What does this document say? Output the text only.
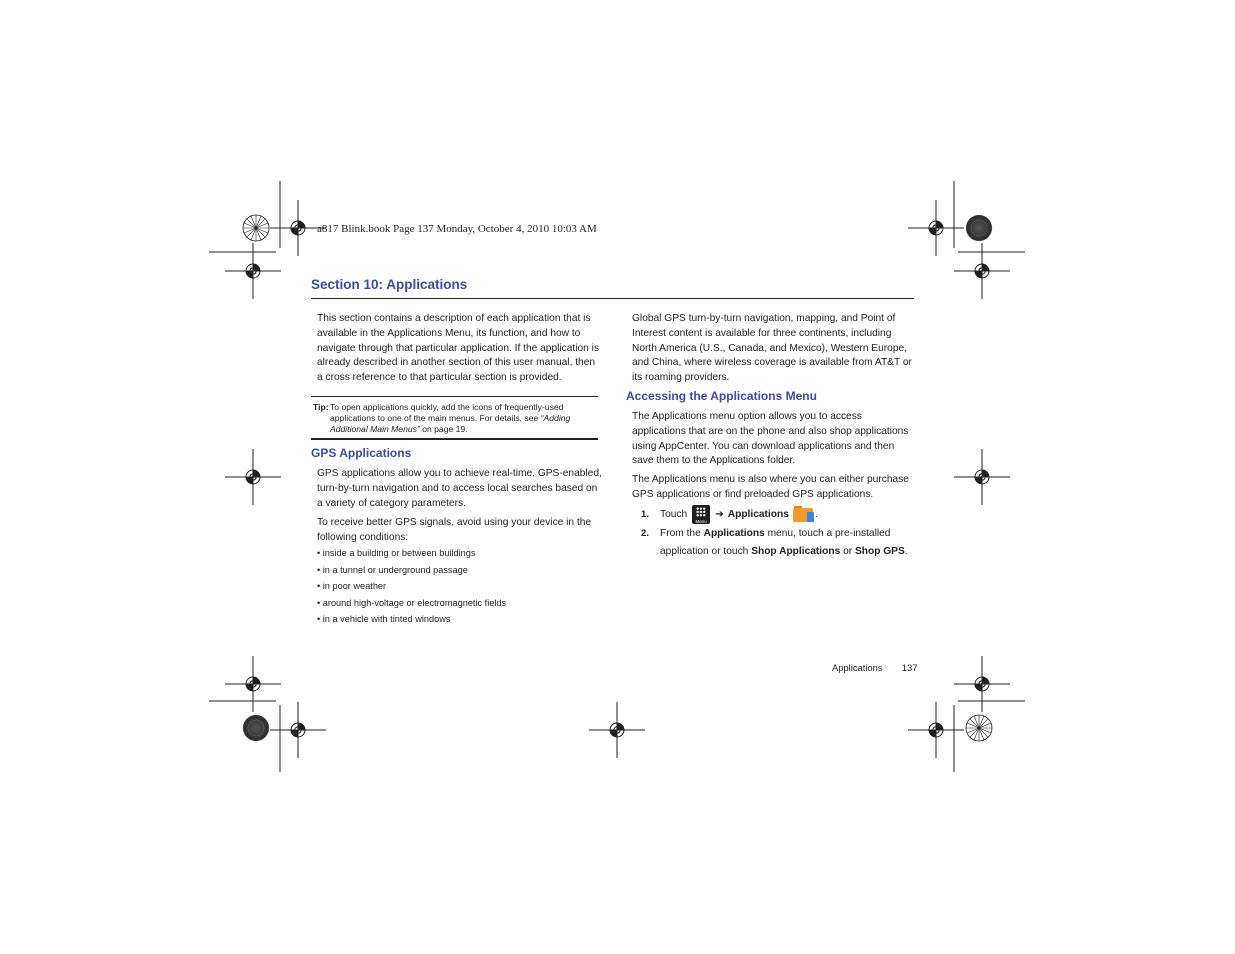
a817 Blink.book Page 137 Monday, October 4, 2010 10:03 AM
Section 10: Applications
This section contains a description of each application that is available in the Applications Menu, its function, and how to navigate through that particular application. If the application is already described in another section of this user manual, then a cross reference to that particular section is provided.
Tip: To open applications quickly, add the icons of frequently-used applications to one of the main menus. For details, see “Adding Additional Main Menus” on page 19.
GPS Applications
GPS applications allow you to achieve real-time, GPS-enabled, turn-by-turn navigation and to access local searches based on a variety of category parameters.
To receive better GPS signals, avoid using your device in the following conditions:
• inside a building or between buildings
• in a tunnel or underground passage
• in poor weather
• around high-voltage or electromagnetic fields
• in a vehicle with tinted windows
Global GPS turn-by-turn navigation, mapping, and Point of Interest content is available for three continents, including North America (U.S., Canada, and Mexico), Western Europe, and China, where wireless coverage is available from AT&T or its roaming providers.
Accessing the Applications Menu
The Applications menu option allows you to access applications that are on the phone and also shop applications using AppCenter. You can download applications and then save them to the Applications folder.
The Applications menu is also where you can either purchase GPS applications or find preloaded GPS applications.
1.	Touch
Menu
➔ Applications	.
2. From the Applications menu, touch a pre-installed
application or touch Shop Applications or Shop GPS.
Applications 137
